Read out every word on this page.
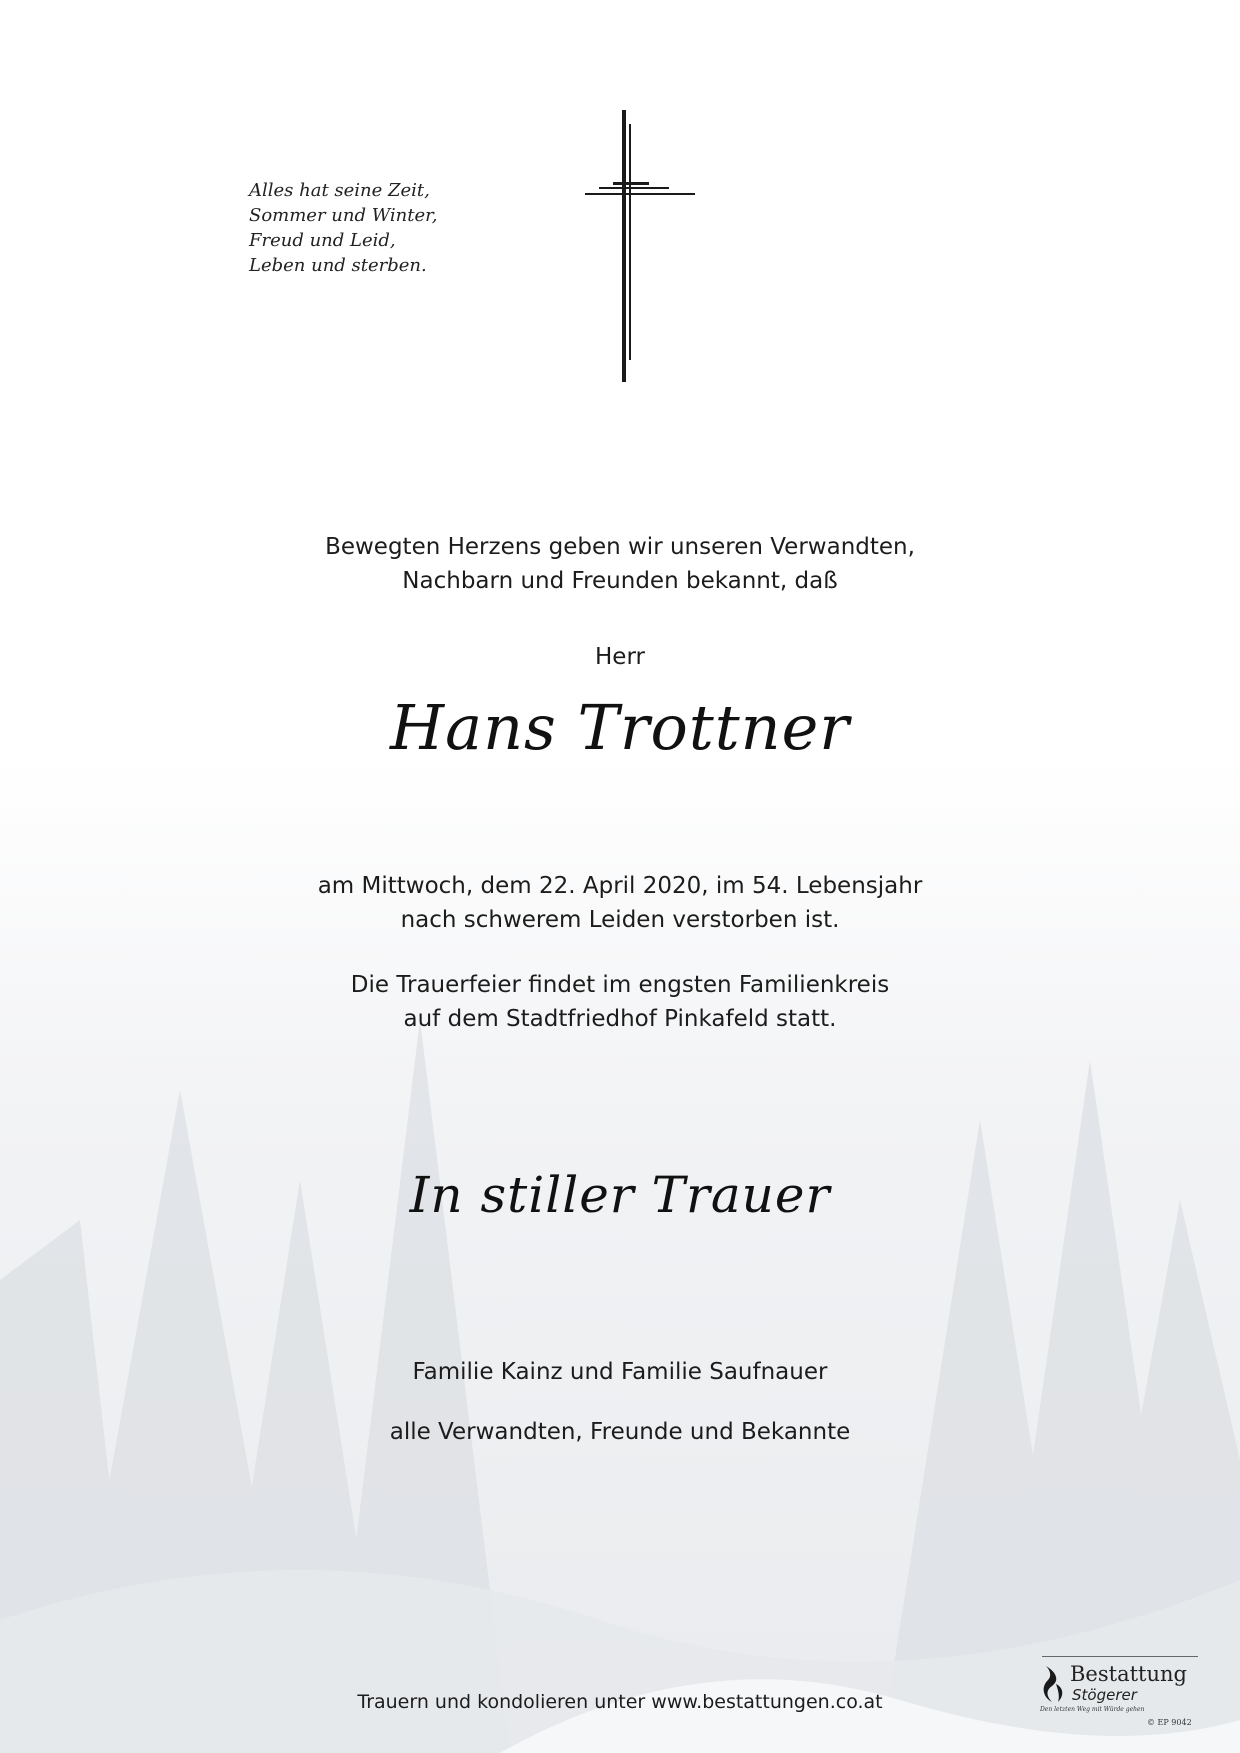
Alles hat seine Zeit,
Sommer und Winter,
Freud und Leid,
Leben und sterben.
Bewegten Herzens geben wir unseren Verwandten,
Nachbarn und Freunden bekannt, daß
Herr
Hans Trottner
am Mittwoch, dem 22. April 2020, im 54. Lebensjahr
nach schwerem Leiden verstorben ist.
Die Trauerfeier findet im engsten Familienkreis
auf dem Stadtfriedhof Pinkafeld statt.
In stiller Trauer
Familie Kainz und Familie Saufnauer
alle Verwandten, Freunde und Bekannte
Trauern und kondolieren unter www.bestattungen.co.at
Bestattung
Stögerer
Den letzten Weg mit Würde gehen
© EP 9042
